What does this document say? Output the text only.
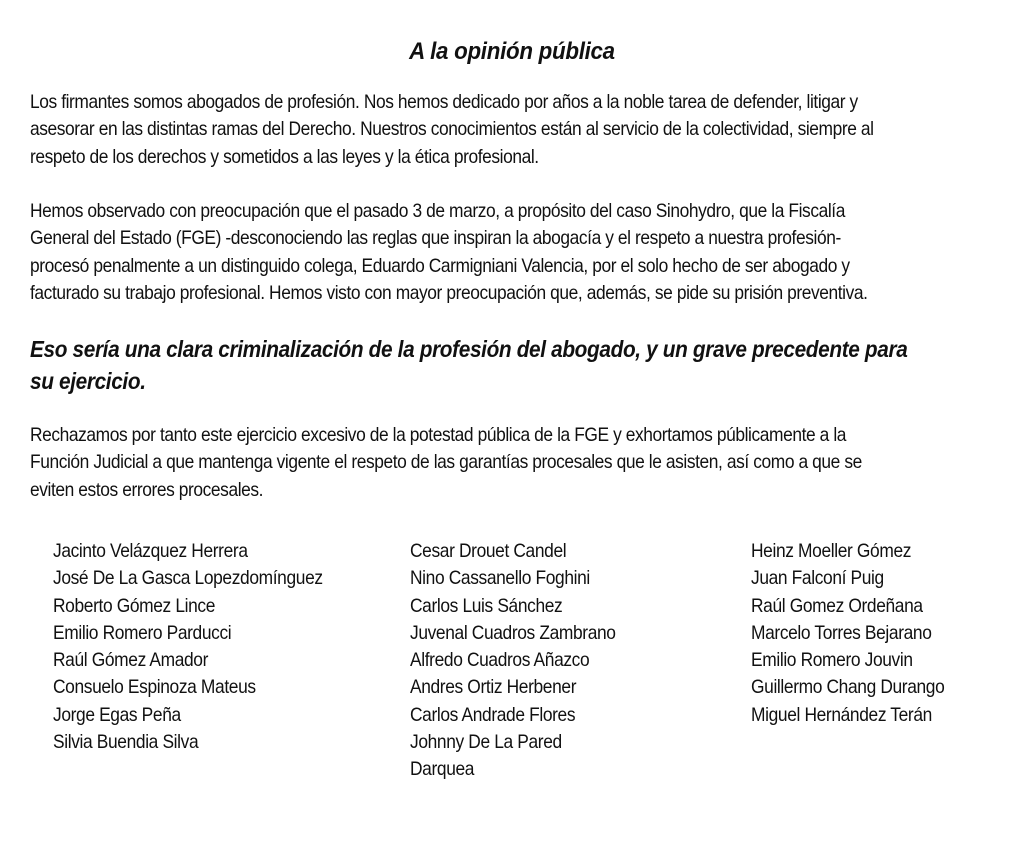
A la opinión pública

Los firmantes somos abogados de profesión. Nos hemos dedicado por años a la noble tarea de defender, litigar y
asesorar en las distintas ramas del Derecho. Nuestros conocimientos están al servicio de la colectividad, siempre al
respeto de los derechos y sometidos a las leyes y la ética profesional.

Hemos observado con preocupación que el pasado 3 de marzo, a propósito del caso Sinohydro, que la Fiscalía
General del Estado (FGE) -desconociendo las reglas que inspiran la abogacía y el respeto a nuestra profesión-
procesó penalmente a un distinguido colega, Eduardo Carmigniani Valencia, por el solo hecho de ser abogado y
facturado su trabajo profesional. Hemos visto con mayor preocupación que, además, se pide su prisión preventiva.

Eso sería una clara criminalización de la profesión del abogado, y un grave precedente para
su ejercicio.

Rechazamos por tanto este ejercicio excesivo de la potestad pública de la FGE y exhortamos públicamente a la
Función Judicial a que mantenga vigente el respeto de las garantías procesales que le asisten, así como a que se
eviten estos errores procesales.

Jacinto Velázquez Herrera
José De La Gasca Lopezdomínguez
Roberto Gómez Lince
Emilio Romero Parducci
Raúl Gómez Amador
Consuelo Espinoza Mateus
Jorge Egas Peña
Silvia Buendia Silva
Cesar Drouet Candel
Nino Cassanello Foghini
Carlos Luis Sánchez
Juvenal Cuadros Zambrano
Alfredo Cuadros Añazco
Andres Ortiz Herbener
Carlos Andrade Flores
Johnny De La Pared
Darquea
Heinz Moeller Gómez
Juan Falconí Puig
Raúl Gomez Ordeñana
Marcelo Torres Bejarano
Emilio Romero Jouvin
Guillermo Chang Durango
Miguel Hernández Terán
